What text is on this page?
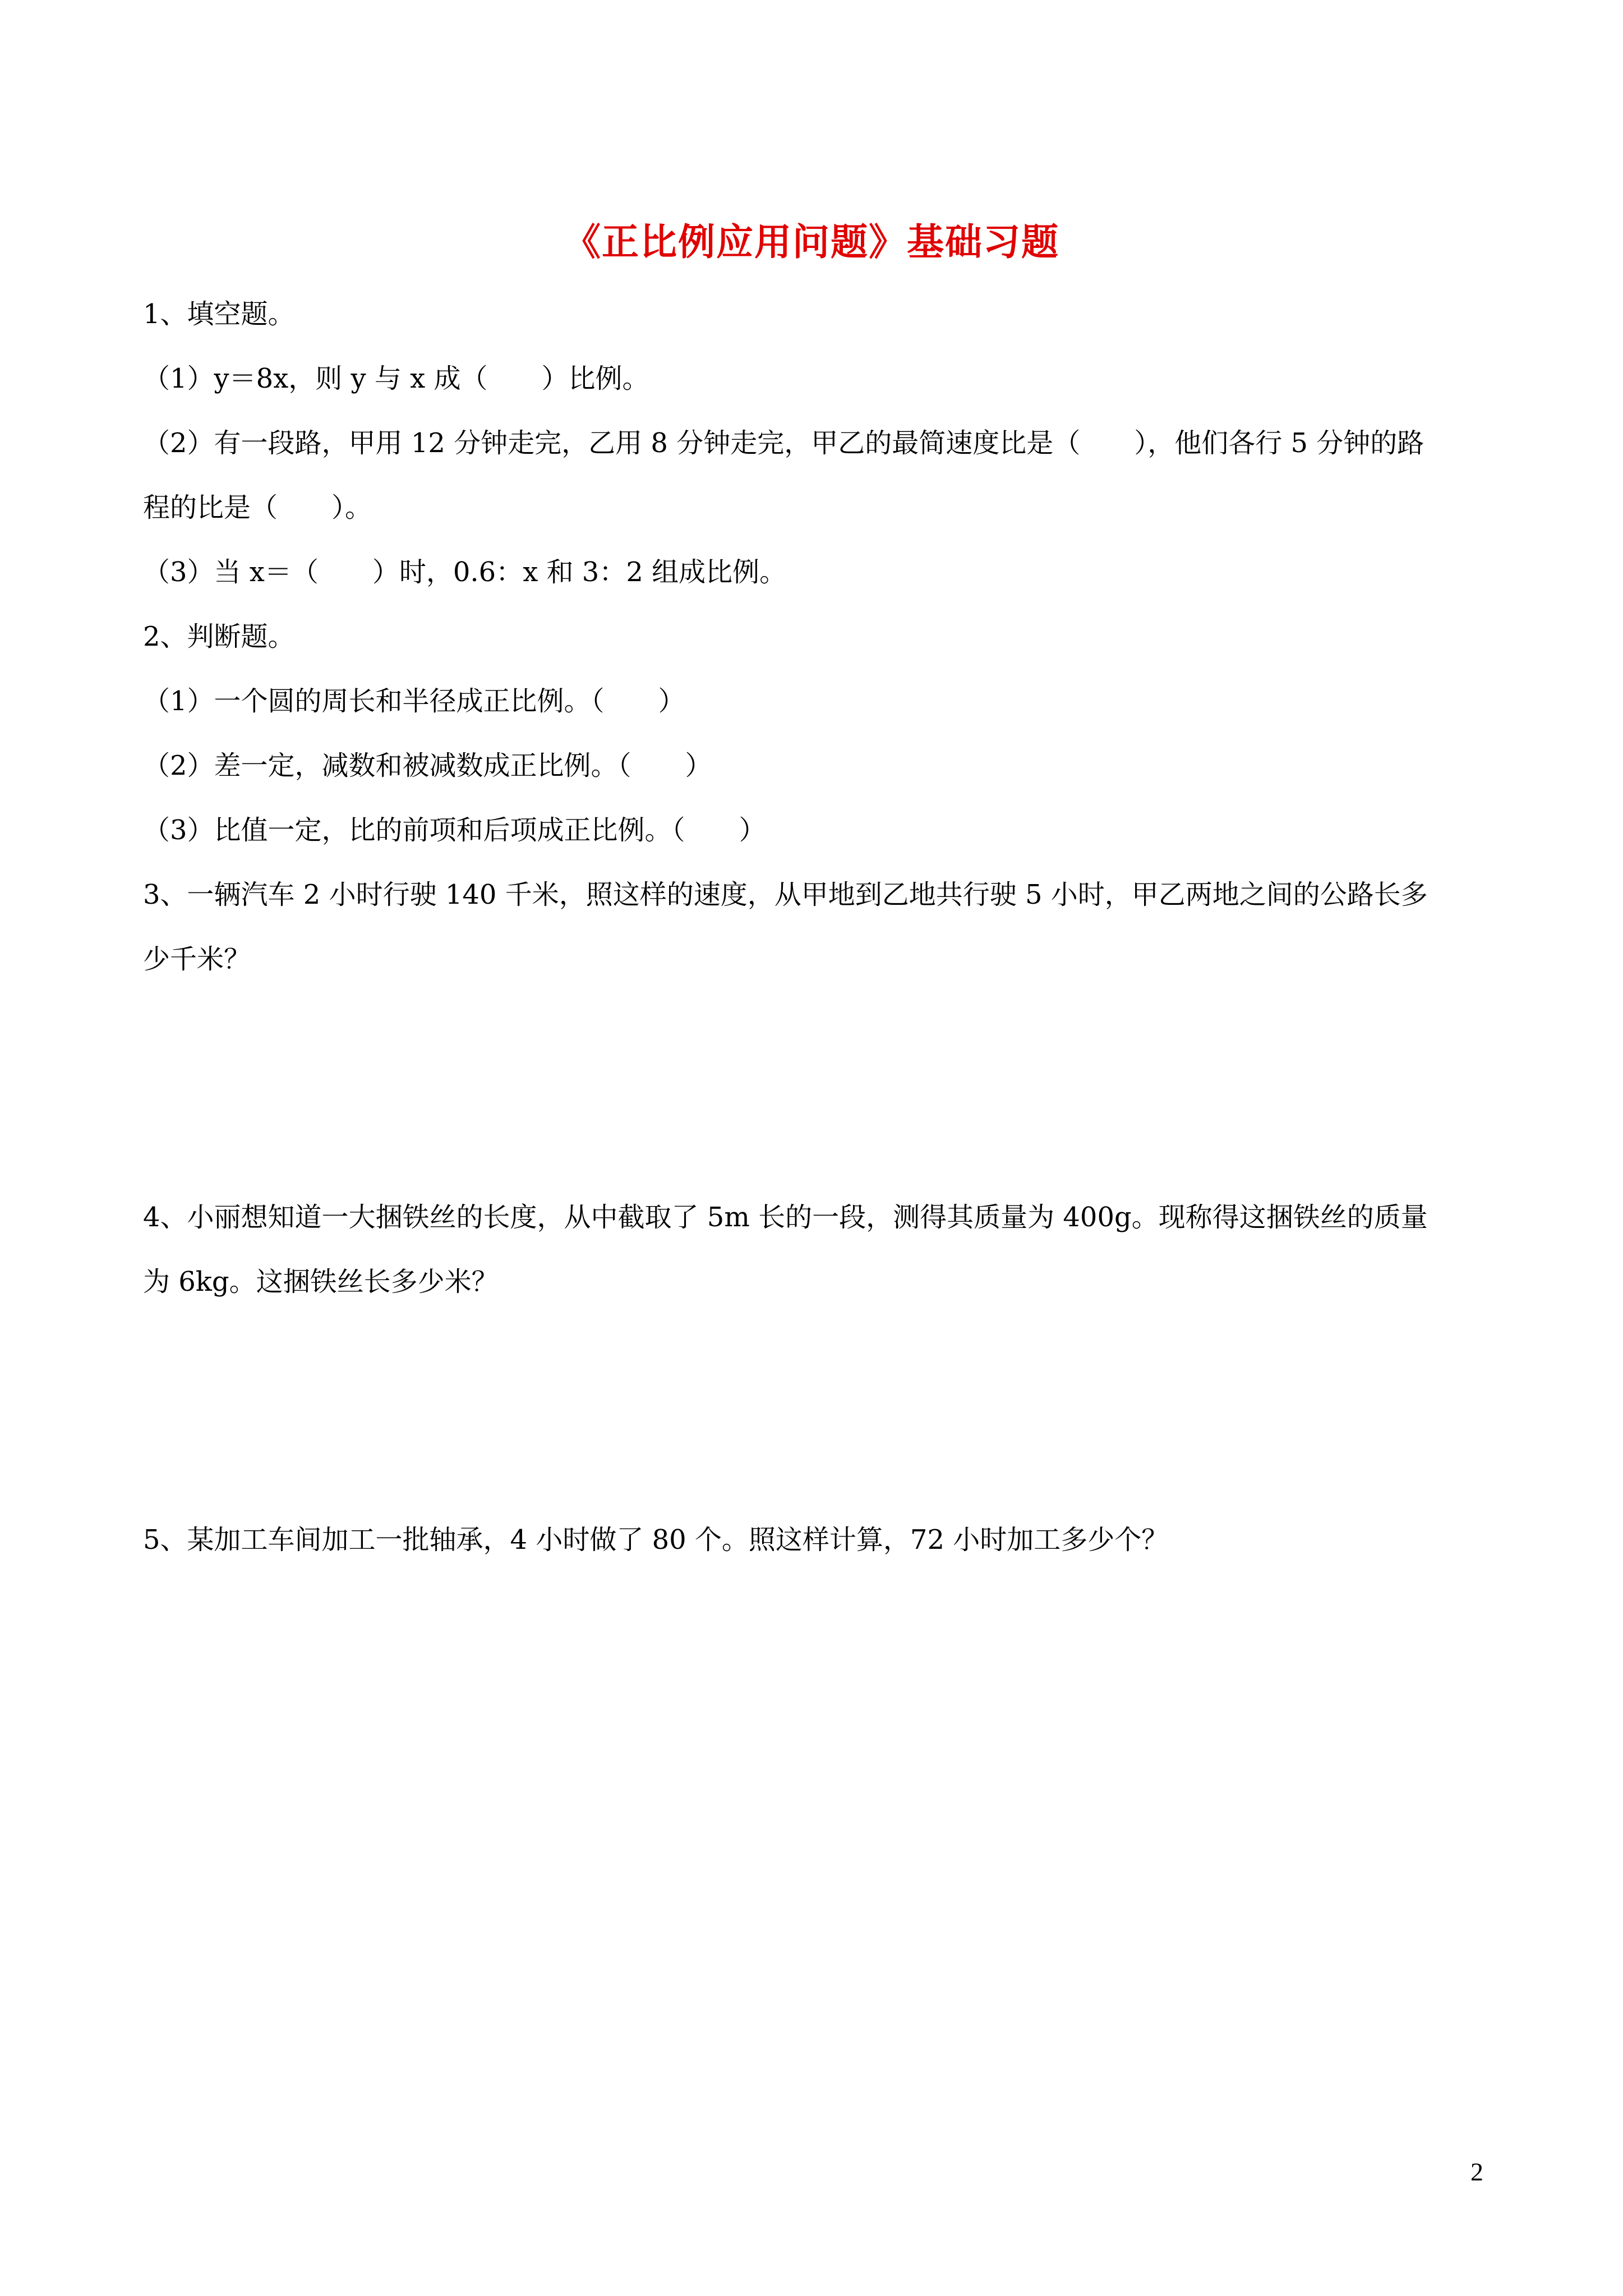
《正比例应用问题》基础习题
1、填空题。
（1）y＝8x，则 y 与 x 成（　　）比例。
（2）有一段路，甲用 12 分钟走完，乙用 8 分钟走完，甲乙的最简速度比是（　　），他们各行 5 分钟的路
程的比是（　　）。
（3）当 x＝（　　）时，0.6：x 和 3：2 组成比例。
2、判断题。
（1）一个圆的周长和半径成正比例。（　　）
（2）差一定，减数和被减数成正比例。（　　）
（3）比值一定，比的前项和后项成正比例。（　　）
3、一辆汽车 2 小时行驶 140 千米，照这样的速度，从甲地到乙地共行驶 5 小时，甲乙两地之间的公路长多
少千米？
4、小丽想知道一大捆铁丝的长度，从中截取了 5m 长的一段，测得其质量为 400g。现称得这捆铁丝的质量
为 6kg。这捆铁丝长多少米？
5、某加工车间加工一批轴承，4 小时做了 80 个。照这样计算，72 小时加工多少个？
2
